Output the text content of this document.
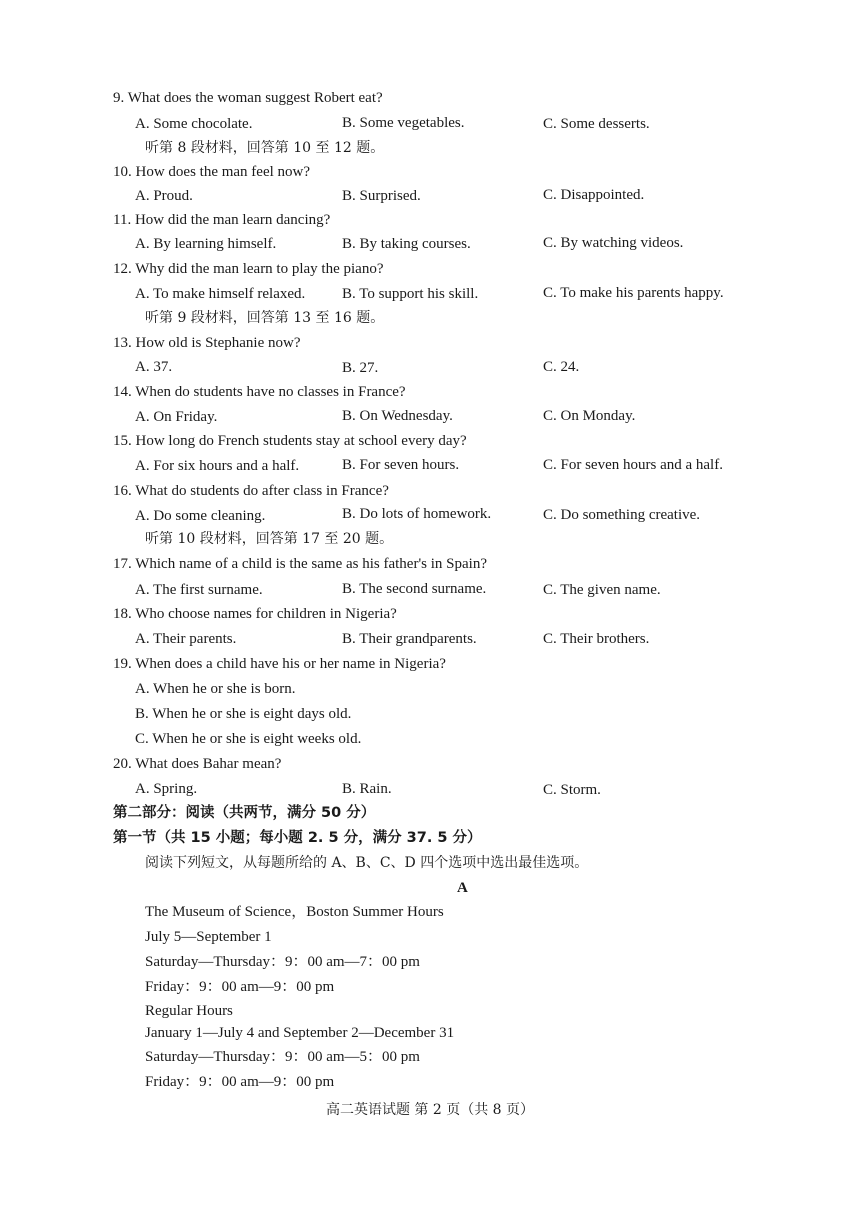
9. What does the woman suggest Robert eat?
A. Some chocolate.	B. Some vegetables.	C. Some desserts.
听第 8 段材料，回答第 10 至 12 题。
10. How does the man feel now?
A. Proud.	B. Surprised.	C. Disappointed.
11. How did the man learn dancing?
A. By learning himself.	B. By taking courses.	C. By watching videos.
12. Why did the man learn to play the piano?
A. To make himself relaxed. B. To support his skill.	C. To make his parents happy.
听第 9 段材料，回答第 13 至 16 题。
13. How old is Stephanie now?
A. 37.	B. 27.	C. 24.
14. When do students have no classes in France?
A. On Friday.	B. On Wednesday.	C. On Monday.
15. How long do French students stay at school every day?
A. For six hours and a half.	B. For seven hours.	C. For seven hours and a half.
16. What do students do after class in France?
A. Do some cleaning.	B. Do lots of homework.	C. Do something creative.
听第 10 段材料，回答第 17 至 20 题。
17. Which name of a child is the same as his father's in Spain?
A. The first surname.	B. The second surname.	C. The given name.
18. Who choose names for children in Nigeria?
A. Their parents.	B. Their grandparents.	C. Their brothers.
19. When does a child have his or her name in Nigeria?
A. When he or she is born.
B. When he or she is eight days old.
C. When he or she is eight weeks old.
20. What does Bahar mean?
A. Spring.	B. Rain.	C. Storm.
第二部分：阅读（共两节，满分 50 分）
第一节（共 15 小题；每小题 2. 5 分，满分 37. 5 分）
阅读下列短文，从每题所给的 A、B、C、D 四个选项中选出最佳选项。
A
The Museum of Science，Boston Summer Hours
July 5—September 1
Saturday—Thursday：9：00 am—7：00 pm
Friday：9：00 am—9：00 pm
Regular Hours
January 1—July 4 and September 2—December 31
Saturday—Thursday：9：00 am—5：00 pm
Friday：9：00 am—9：00 pm
高二英语试题 第 2 页（共 8 页）
